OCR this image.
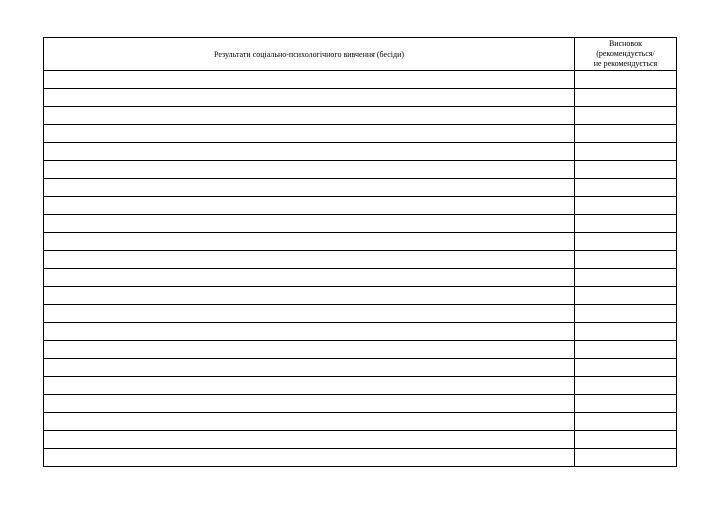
Результати соціально-психологічного вивчення (бесіди)	Висновок
(рекомендується/
не рекомендується
